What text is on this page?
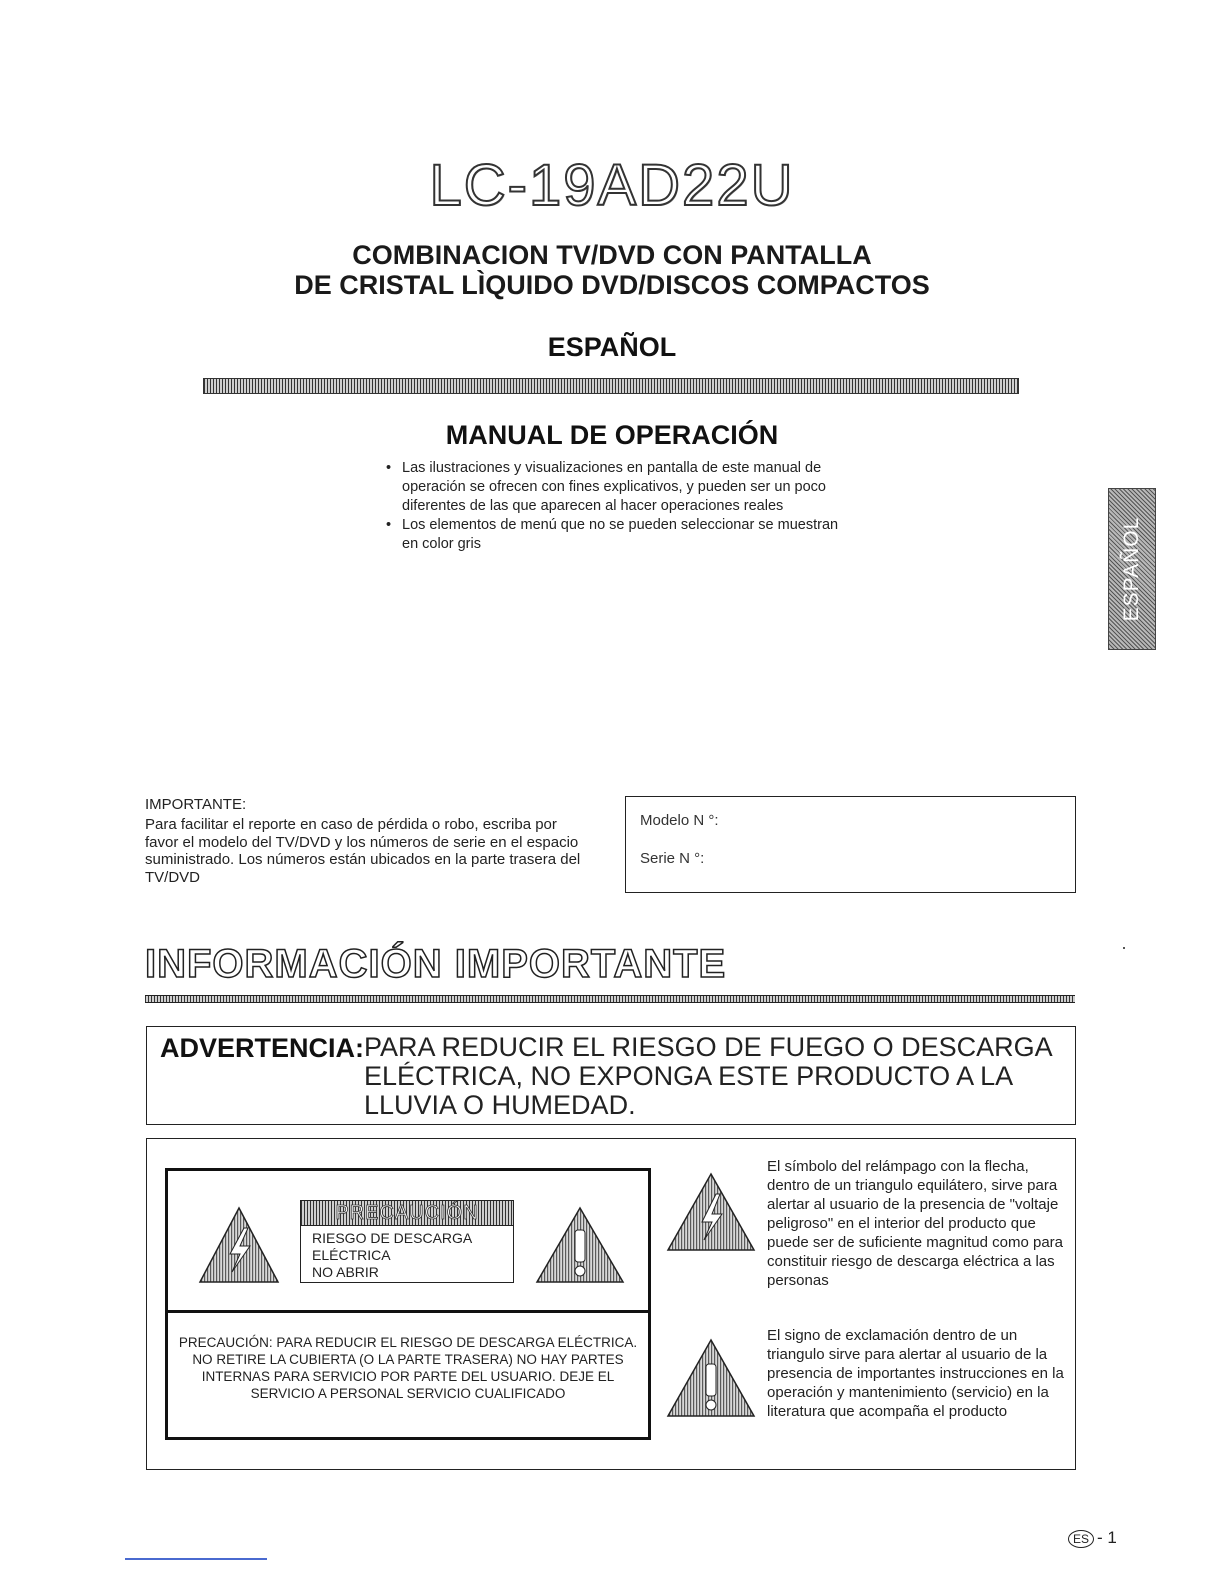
LC-19AD22U
COMBINACION TV/DVD CON PANTALLA
DE CRISTAL LÌQUIDO DVD/DISCOS COMPACTOS
ESPAÑOL
MANUAL DE OPERACIÓN
• Las ilustraciones y visualizaciones en pantalla de este manual de operación se ofrecen con fines explicativos, y pueden ser un poco diferentes de las que aparecen al hacer operaciones reales
• Los elementos de menú que no se pueden seleccionar se muestran en color gris	ESPAÑOL
IMPORTANTE:
Para facilitar el reporte en caso de pérdida o robo, escriba por favor el modelo del TV/DVD y los números de serie en el espacio suministrado. Los números están ubicados en la parte trasera del TV/DVD
Modelo N °:
Serie N °:
INFORMACIÓN IMPORTANTE
ADVERTENCIA: PARA REDUCIR EL RIESGO DE FUEGO O DESCARGA ELÉCTRICA, NO EXPONGA ESTE PRODUCTO A LA LLUVIA O HUMEDAD.
PRECAUCIÓN
RIESGO DE DESCARGA
ELÉCTRICA
NO ABRIR
PRECAUCIÓN: PARA REDUCIR EL RIESGO DE DESCARGA ELÉCTRICA. NO RETIRE LA CUBIERTA (O LA PARTE TRASERA) NO HAY PARTES INTERNAS PARA SERVICIO POR PARTE DEL USUARIO. DEJE EL SERVICIO A PERSONAL SERVICIO CUALIFICADO
El símbolo del relámpago con la flecha, dentro de un triangulo equilátero, sirve para alertar al usuario de la presencia de "voltaje peligroso" en el interior del producto que puede ser de suficiente magnitud como para constituir riesgo de descarga eléctrica a las personas
El signo de exclamación dentro de un triangulo sirve para alertar al usuario de la presencia de importantes instrucciones en la operación y mantenimiento (servicio) en la literatura que acompaña el producto
ES - 1
